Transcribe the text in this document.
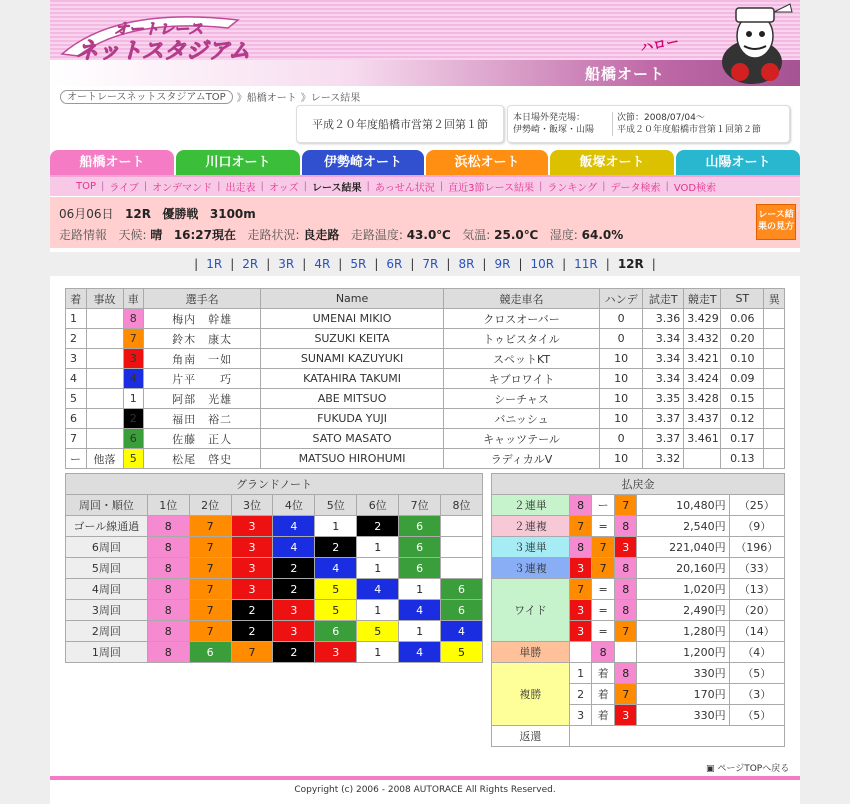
オートレース
ネットスタジアム	ハロー
船橋オート
オートレースネットスタジアムTOP	》船橋オート 》レース結果
平成２０年度船橋市営第２回第１節	本日場外発売場：
伊勢崎・飯塚・山陽
次節：2008/07/04〜
平成２０年度船橋市営第１回第２節
船橋オート	川口オート	伊勢崎オート	浜松オート	飯塚オート	山陽オート
TOP | ライブ | オンデマンド | 出走表 | オッズ | レース結果 | あっせん状況 | 直近3節レース結果 | ランキング | データ検索 | VOD検索
06月06日 12R 優勝戦 3100m
走路情報 天候: 晴 16:27現在 走路状況: 良走路 走路温度: 43.0℃ 気温: 25.0℃ 湿度: 64.0%
レース結果の見方
| 1R | 2R | 3R | 4R | 5R | 6R | 7R | 8R | 9R | 10R | 11R | 12R |
着	事故	車	選手名	Name	競走車名	ハンデ	試走T	競走T	ST	異
1		8	梅内　幹雄	UMENAI MIKIO	クロスオーバー	0	3.36	3.429	0.06	
2		7	鈴木　康太	SUZUKI KEITA	トゥビスタイル	0	3.34	3.432	0.20	
3		3	角南　一如	SUNAMI KAZUYUKI	スペットKT	10	3.34	3.421	0.10	
4		4	片平　　巧	KATAHIRA TAKUMI	キブロワイト	10	3.34	3.424	0.09	
5		1	阿部　光雄	ABE MITSUO	シーチャス	10	3.35	3.428	0.15	
6		2	福田　裕二	FUKUDA YUJI	バニッシュ	10	3.37	3.437	0.12	
7		6	佐藤　正人	SATO MASATO	キャッツテール	0	3.37	3.461	0.17	
ー	他落	5	松尾　啓史	MATSUO HIROHUMI	ラディカルV	10	3.32		0.13	
グランドノート								
周回・順位	1位	2位	3位	4位	5位	6位	7位	8位
ゴール線通過	8	7	3	4	1	2	6	
6周回	8	7	3	4	2	1	6	
5周回	8	7	3	2	4	1	6	
4周回	8	7	3	2	5	4	1	6
3周回	8	7	2	3	5	1	4	6
2周回	8	7	2	3	6	5	1	4
1周回	8	6	7	2	3	1	4	5
払戻金					
２連単	8	ー	7	10,480円	（25）
２連複	7	=	8	2,540円	（9）
３連単	8	7	3	221,040円	（196）
３連複	3	7	8	20,160円	（33）
ワイド	7	=	8	1,020円	（13）
	3	=	8	2,490円	（20）
	3	=	7	1,280円	（14）
単勝		8		1,200円	（4）
複勝	1	着	8	330円	（5）
	2	着	7	170円	（3）
	3	着	3	330円	（5）
返還					
▣ ページTOPへ戻る
Copyright (c) 2006 - 2008 AUTORACE All Rights Reserved.
